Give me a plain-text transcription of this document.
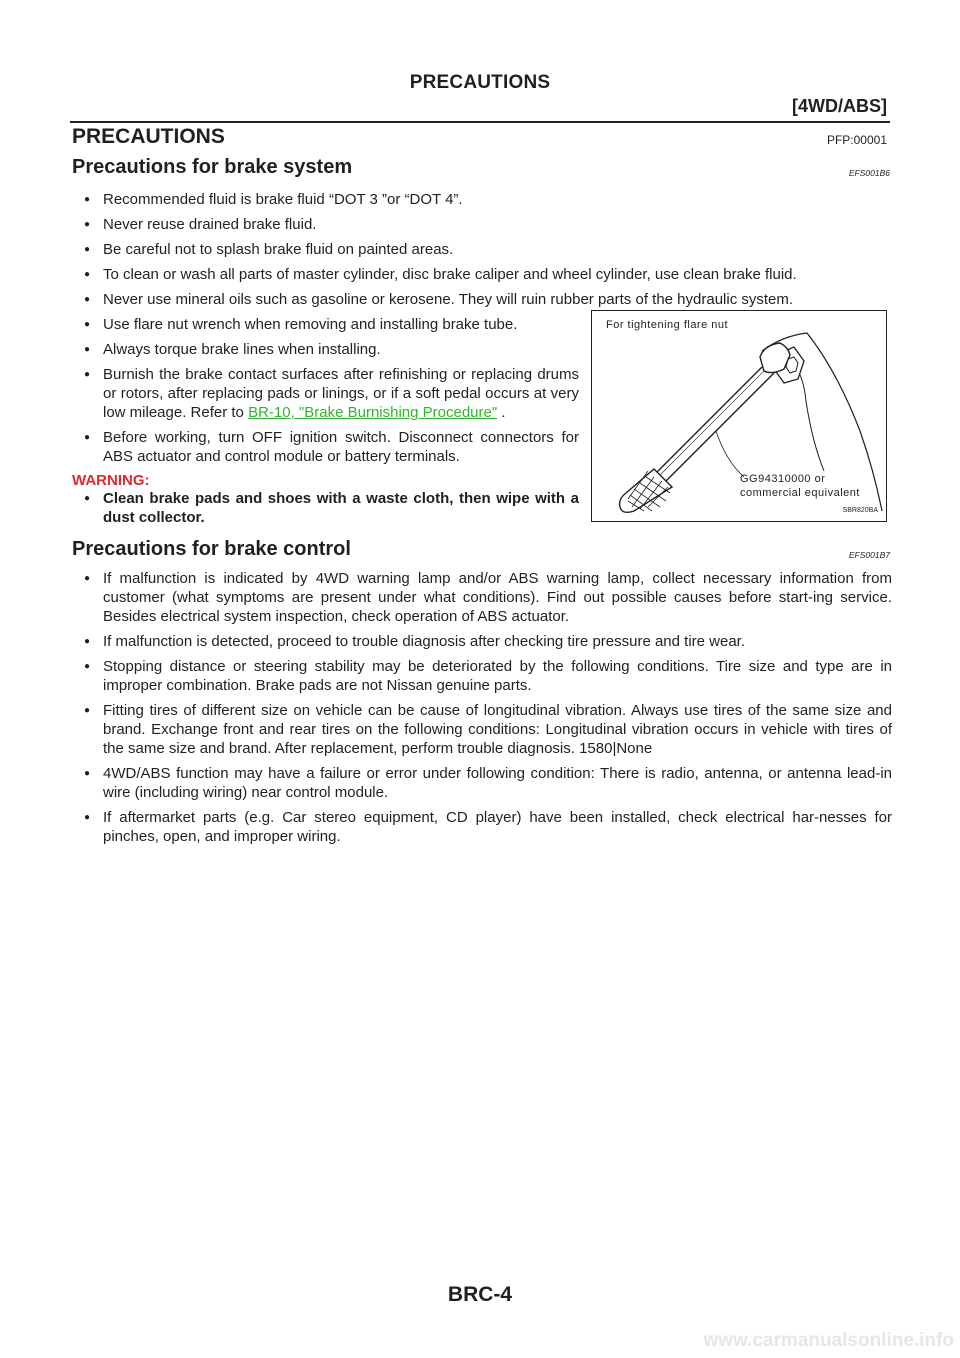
PRECAUTIONS
[4WD/ABS]
PRECAUTIONS	PFP:00001
Precautions for brake system	EFS001B6
● Recommended fluid is brake fluid “DOT 3 ”or “DOT 4”.
● Never reuse drained brake fluid.
● Be careful not to splash brake fluid on painted areas.
● To clean or wash all parts of master cylinder, disc brake caliper and wheel cylinder, use clean brake fluid.
● Never use mineral oils such as gasoline or kerosene. They will ruin rubber parts of the hydraulic system.
● Use flare nut wrench when removing and installing brake tube.
● Always torque brake lines when installing.
● Burnish the brake contact surfaces after refinishing or replacing drums or rotors, after replacing pads or linings, or if a soft pedal occurs at very low mileage. Refer to BR-10, "Brake Burnishing Procedure" .
● Before working, turn OFF ignition switch. Disconnect connectors for ABS actuator and control module or battery terminals.
WARNING:
● Clean brake pads and shoes with a waste cloth, then wipe with a dust collector.
For tightening flare nut
GG94310000 or
commercial equivalent
SBR820BA
Precautions for brake control	EFS001B7
● If malfunction is indicated by 4WD warning lamp and/or ABS warning lamp, collect necessary information from customer (what symptoms are present under what conditions). Find out possible causes before start-ing service. Besides electrical system inspection, check operation of ABS actuator.
● If malfunction is detected, proceed to trouble diagnosis after checking tire pressure and tire wear.
● Stopping distance or steering stability may be deteriorated by the following conditions. Tire size and type are in improper combination. Brake pads are not Nissan genuine parts.
● Fitting tires of different size on vehicle can be cause of longitudinal vibration. Always use tires of the same size and brand. Exchange front and rear tires on the following conditions: Longitudinal vibration occurs in vehicle with tires of the same size and brand. After replacement, perform trouble diagnosis. 1580|None
● 4WD/ABS function may have a failure or error under following condition: There is radio, antenna, or antenna lead-in wire (including wiring) near control module.
● If aftermarket parts (e.g. Car stereo equipment, CD player) have been installed, check electrical har-nesses for pinches, open, and improper wiring.
BRC-4
www.carmanualsonline.info
